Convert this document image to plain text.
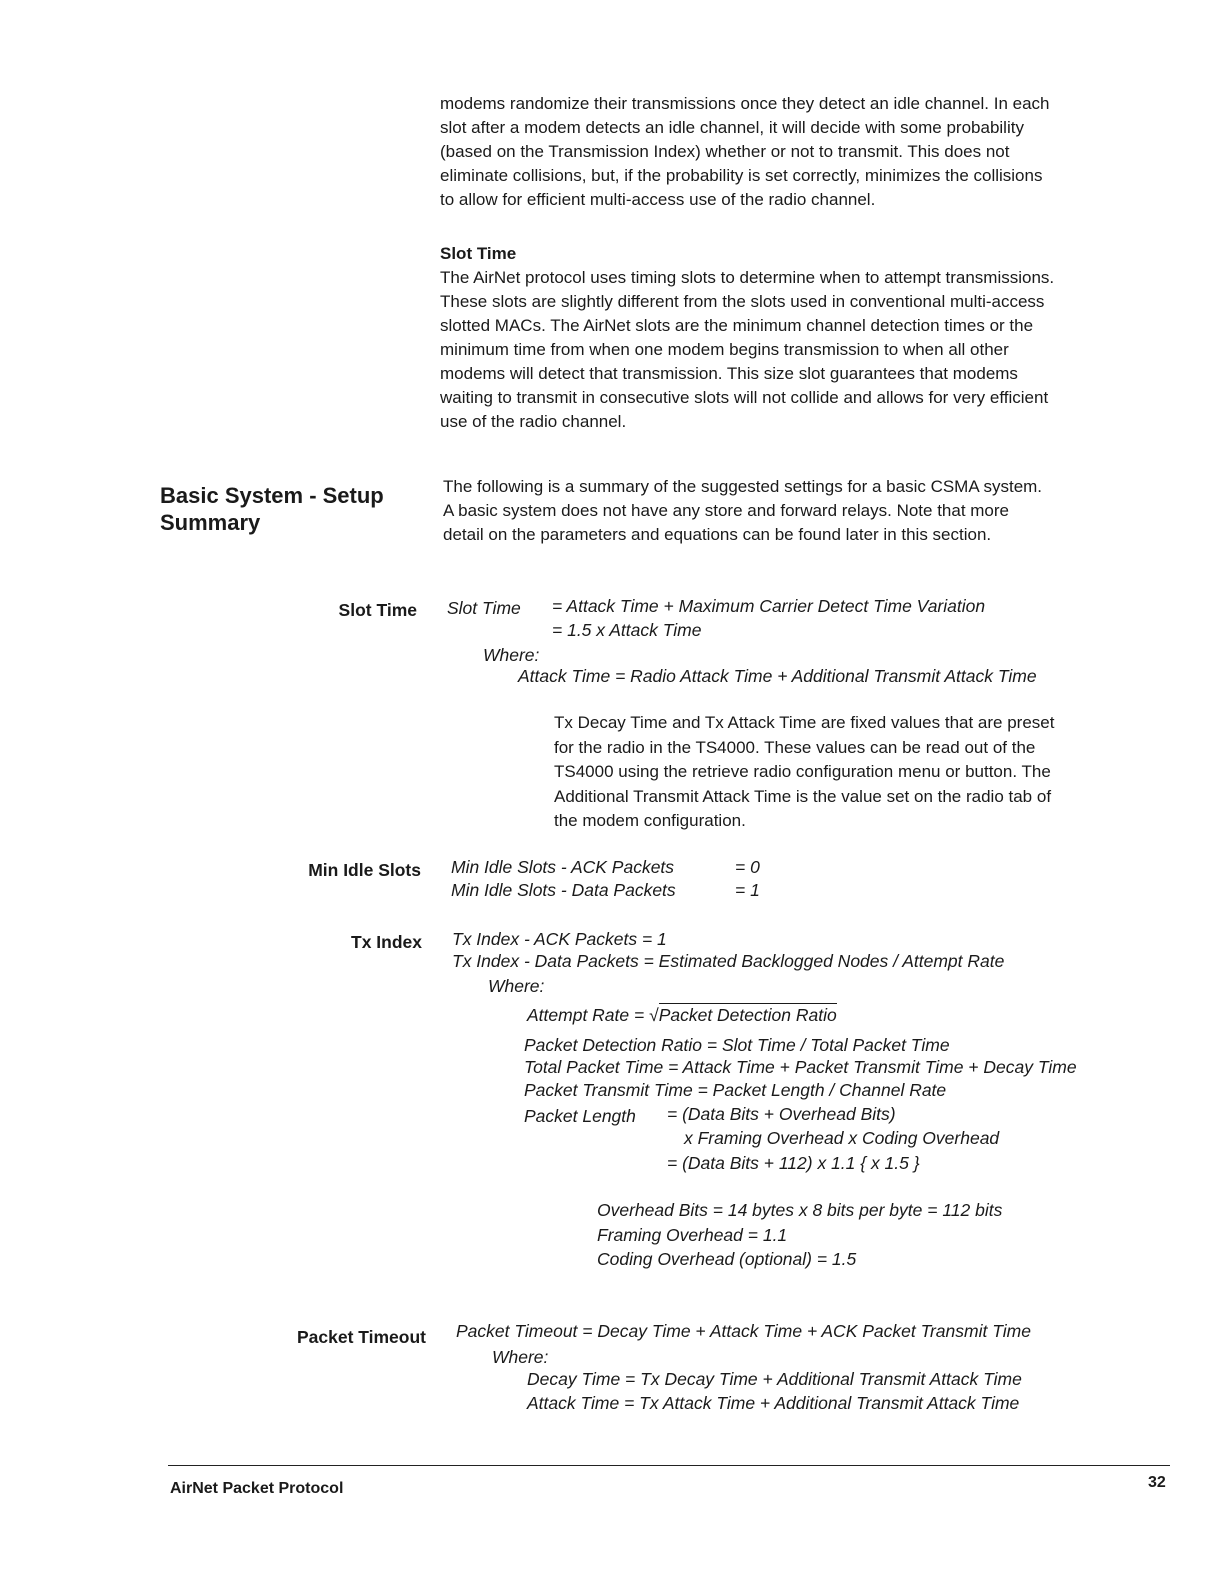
modems randomize their transmissions once they detect an idle channel. In each
slot after a modem detects an idle channel, it will decide with some probability
(based on the Transmission Index) whether or not to transmit. This does not
eliminate collisions, but, if the probability is set correctly, minimizes the collisions
to allow for efficient multi-access use of the radio channel.
Slot Time
The AirNet protocol uses timing slots to determine when to attempt transmissions.
These slots are slightly different from the slots used in conventional multi-access
slotted MACs. The AirNet slots are the minimum channel detection times or the
minimum time from when one modem begins transmission to when all other
modems will detect that transmission. This size slot guarantees that modems
waiting to transmit in consecutive slots will not collide and allows for very efficient
use of the radio channel.
Basic System - Setup
Summary
The following is a summary of the suggested settings for a basic CSMA system.
A basic system does not have any store and forward relays. Note that more
detail on the parameters and equations can be found later in this section.
Slot Time Slot Time = Attack Time + Maximum Carrier Detect Time Variation
= 1.5 x Attack Time
Where:
Attack Time = Radio Attack Time + Additional Transmit Attack Time
Tx Decay Time and Tx Attack Time are fixed values that are preset
for the radio in the TS4000. These values can be read out of the
TS4000 using the retrieve radio configuration menu or button. The
Additional Transmit Attack Time is the value set on the radio tab of
the modem configuration.
Min Idle Slots Min Idle Slots - ACK Packets	= 0
Min Idle Slots - Data Packets	= 1
Tx Index Tx Index - ACK Packets = 1
Tx Index - Data Packets = Estimated Backlogged Nodes / Attempt Rate
Where:
Attempt Rate = √Packet Detection Ratio
Packet Detection Ratio = Slot Time / Total Packet Time
Total Packet Time = Attack Time + Packet Transmit Time + Decay Time
Packet Transmit Time = Packet Length / Channel Rate
Packet Length = (Data Bits + Overhead Bits)
x Framing Overhead x Coding Overhead
= (Data Bits + 112) x 1.1 { x 1.5 }
Overhead Bits = 14 bytes x 8 bits per byte = 112 bits
Framing Overhead = 1.1
Coding Overhead (optional) = 1.5
Packet Timeout Packet Timeout = Decay Time + Attack Time + ACK Packet Transmit Time
Where:
Decay Time = Tx Decay Time + Additional Transmit Attack Time
Attack Time = Tx Attack Time + Additional Transmit Attack Time
AirNet Packet Protocol	32
